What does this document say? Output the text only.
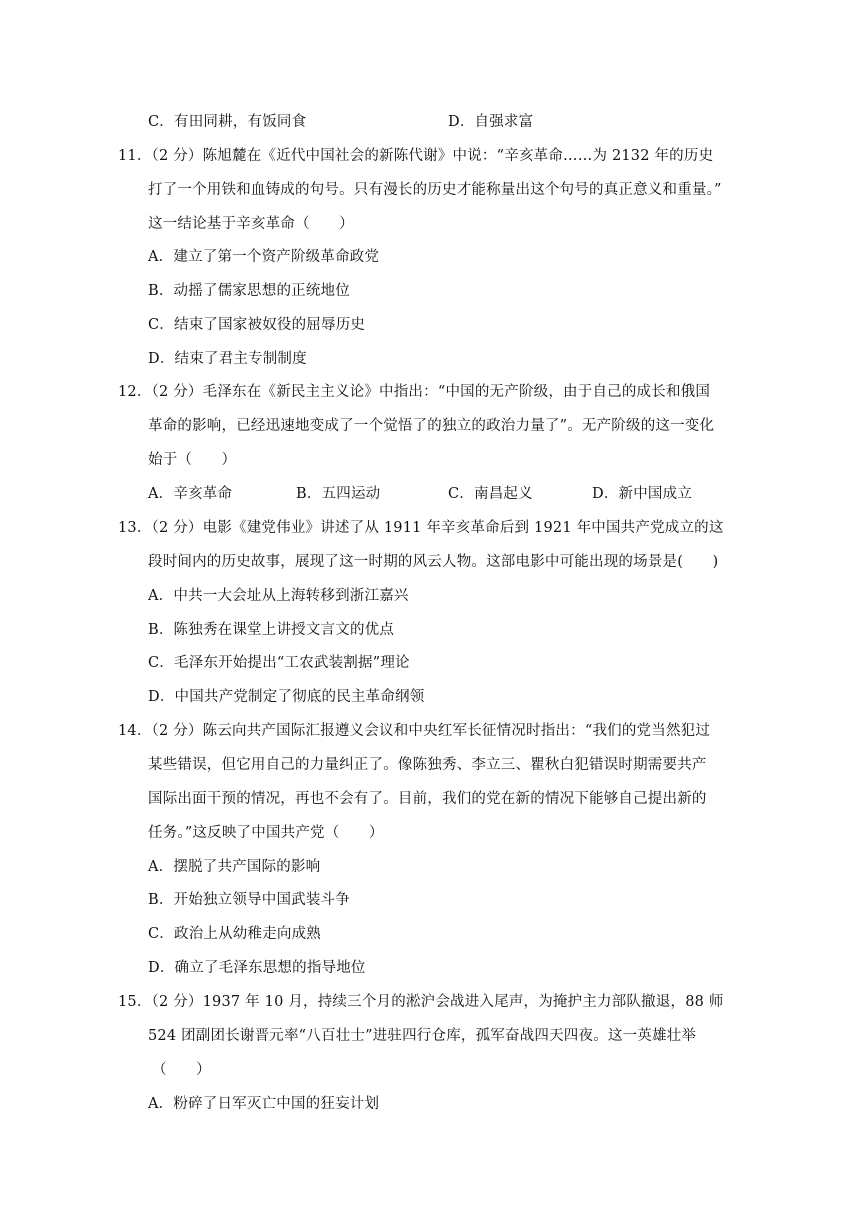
C．有田同耕，有饭同食	D．自强求富
11．（2 分）陈旭麓在《近代中国社会的新陈代谢》中说：“辛亥革命……为 2132 年的历史
打了一个用铁和血铸成的句号。只有漫长的历史才能称量出这个句号的真正意义和重量。”
这一结论基于辛亥革命（　　）
A．建立了第一个资产阶级革命政党
B．动摇了儒家思想的正统地位
C．结束了国家被奴役的屈辱历史
D．结束了君主专制制度
12．（2 分）毛泽东在《新民主主义论》中指出：“中国的无产阶级，由于自己的成长和俄国
革命的影响，已经迅速地变成了一个觉悟了的独立的政治力量了”。无产阶级的这一变化
始于（　　）
A．辛亥革命	B．五四运动	C．南昌起义	D．新中国成立
13．（2 分）电影《建党伟业》讲述了从 1911 年辛亥革命后到 1921 年中国共产党成立的这
段时间内的历史故事，展现了这一时期的风云人物。这部电影中可能出现的场景是(　　)
A．中共一大会址从上海转移到浙江嘉兴
B．陈独秀在课堂上讲授文言文的优点
C．毛泽东开始提出“工农武装割据”理论
D．中国共产党制定了彻底的民主革命纲领
14．（2 分）陈云向共产国际汇报遵义会议和中央红军长征情况时指出：“我们的党当然犯过
某些错误，但它用自己的力量纠正了。像陈独秀、李立三、瞿秋白犯错误时期需要共产
国际出面干预的情况，再也不会有了。目前，我们的党在新的情况下能够自己提出新的
任务。”这反映了中国共产党（　　）
A．摆脱了共产国际的影响
B．开始独立领导中国武装斗争
C．政治上从幼稚走向成熟
D．确立了毛泽东思想的指导地位
15．（2 分）1937 年 10 月，持续三个月的淞沪会战进入尾声，为掩护主力部队撤退，88 师
524 团副团长谢晋元率“八百壮士”进驻四行仓库，孤军奋战四天四夜。这一英雄壮举
（　　）
A．粉碎了日军灭亡中国的狂妄计划
